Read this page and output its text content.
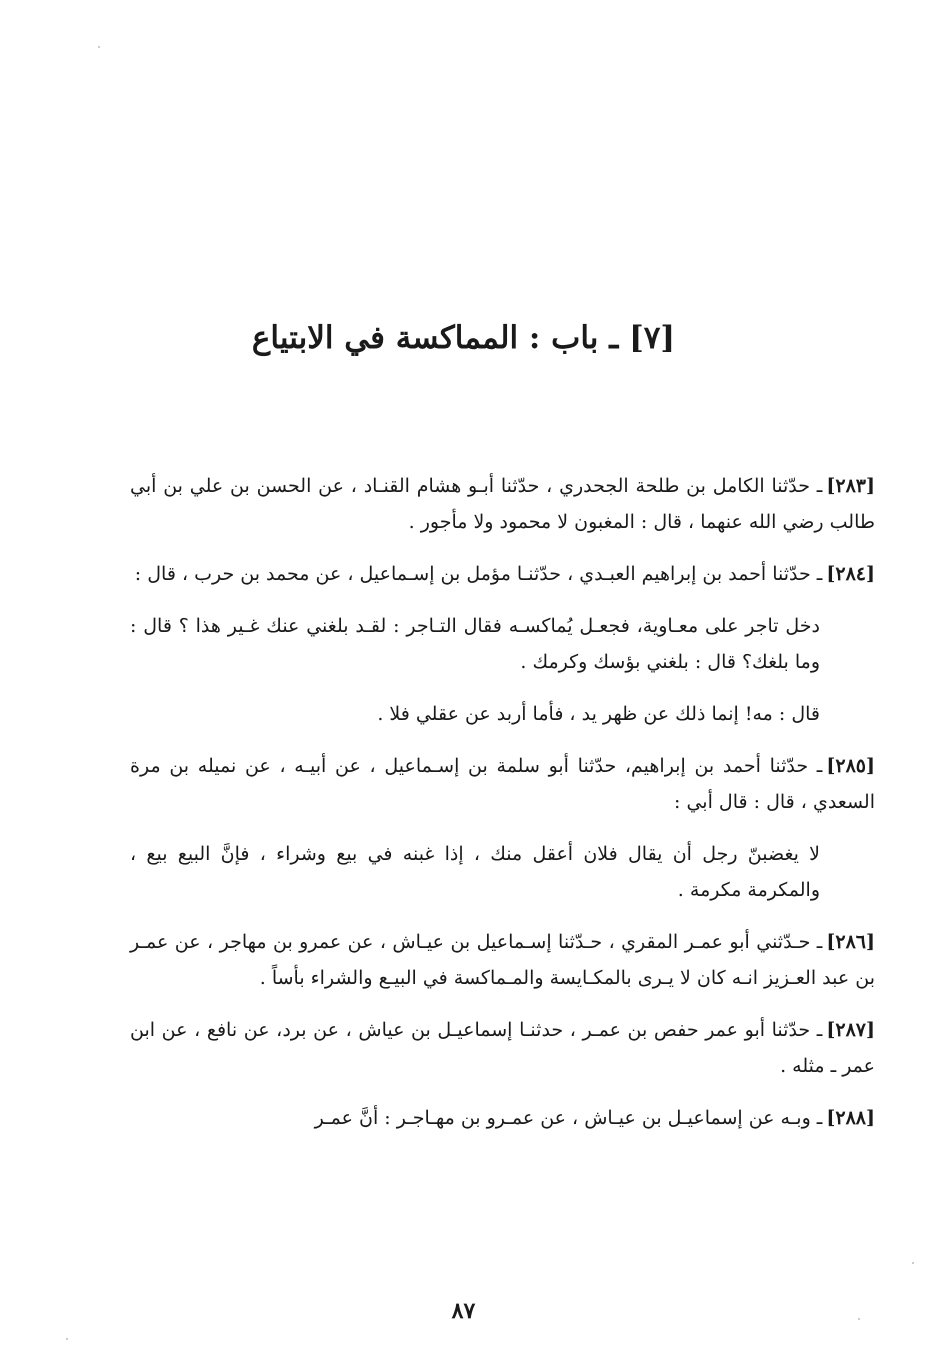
[٧] ـ باب : المماكسة في الابتياع

[٢٨٣]ـ حدّثنا الكامل بن طلحة الجحدري ، حدّثنا أبـو هشام القنـاد ، عن الحسن بن علي بن أبي طالب رضي الله عنهما ، قال : المغبون لا محمود ولا مأجور .

[٢٨٤]ـ حدّثنا أحمد بن إبراهيم العبـدي ، حدّثنـا مؤمل بن إسـماعيل ، عن محمد بن حرب ، قال :

دخل تاجر على معـاوية، فجعـل يُماكسـه فقال التـاجر : لقـد بلغني عنك غـير هذا ؟ قال : وما بلغك؟ قال : بلغني بؤسك وكرمك .

قال : مه! إنما ذلك عن ظهر يد ، فأما أربد عن عقلي فلا .

[٢٨٥]ـ حدّثنا أحمد بن إبراهيم، حدّثنا أبو سلمة بن إسـماعيل ، عن أبيـه ، عن نميله بن مرة السعدي ، قال : قال أبي :

لا يغضبنّ رجل أن يقال فلان أعقل منك ، إذا غبنه في بيع وشراء ، فإنَّ البيع بيع ، والمكرمة مكرمة .

[٢٨٦]ـ حـدّثني أبو عمـر المقري ، حـدّثنا إسـماعيل بن عيـاش ، عن عمرو بن مهاجر ، عن عمـر بن عبد العـزيز انـه كان لا يـرى بالمكـايسة والمـماكسة في البيـع والشراء بأساً .

[٢٨٧]ـ حدّثنا أبو عمر حفص بن عمـر ، حدثنـا إسماعيـل بن عياش ، عن برد، عن نافع ، عن ابن عمر ـ مثله .

[٢٨٨]ـ وبـه عن إسماعيـل بن عيـاش ، عن عمـرو بن مهـاجـر : أنَّ عمـر

٨٧
